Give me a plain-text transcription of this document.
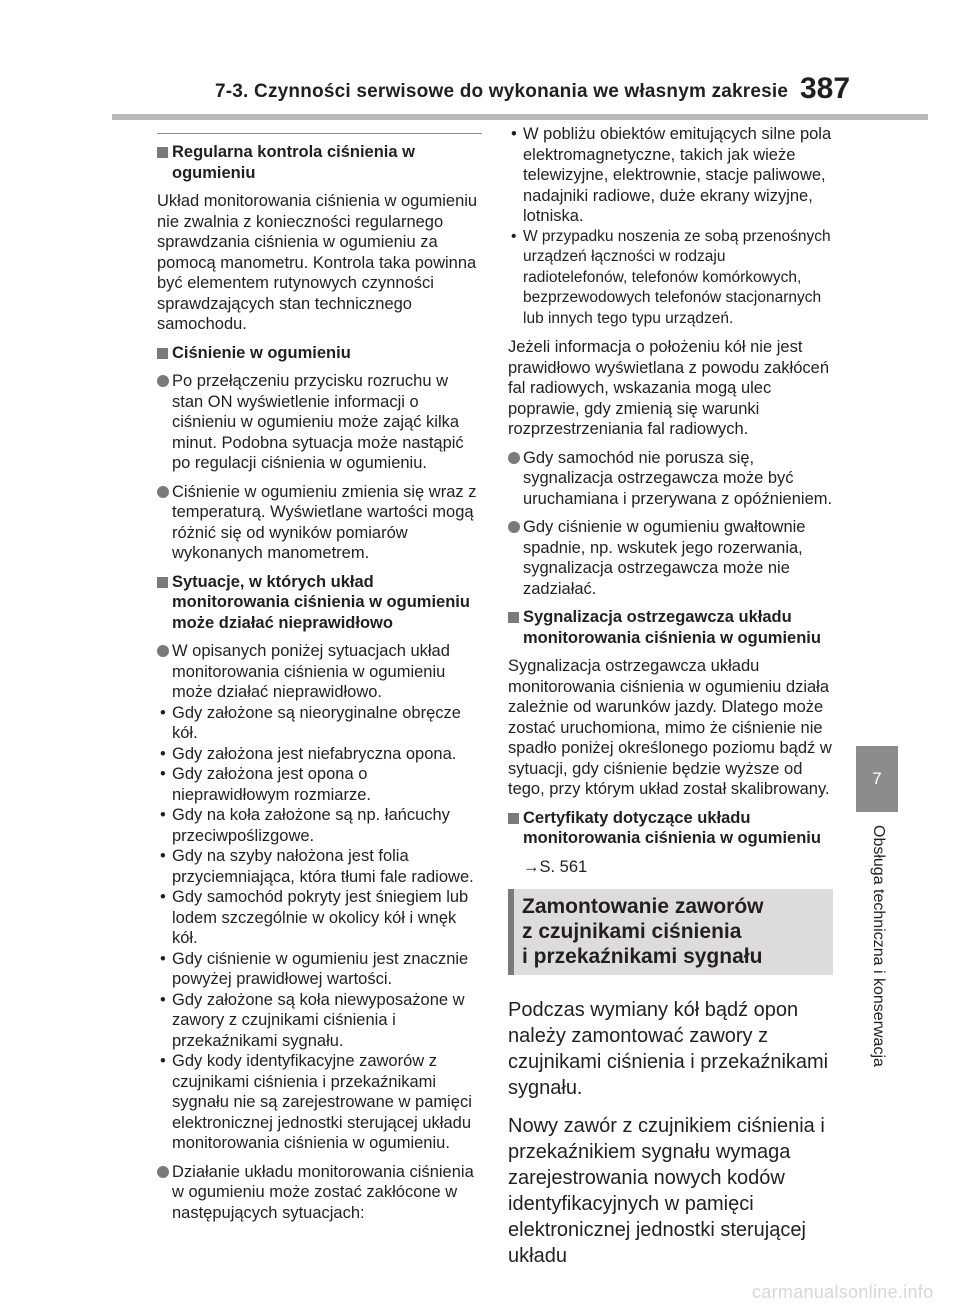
7-3. Czynności serwisowe do wykonania we własnym zakresie 387
7
Obsługa techniczna i konserwacja
Regularna kontrola ciśnienia w ogumieniu

Układ monitorowania ciśnienia w ogumieniu nie zwalnia z konieczności regularnego sprawdzania ciśnienia w ogumieniu za pomocą manometru. Kontrola taka powinna być elementem rutynowych czynności sprawdzających stan technicznego samochodu.

Ciśnienie w ogumieniu
Po przełączeniu przycisku rozruchu w stan ON wyświetlenie informacji o ciśnieniu w ogumieniu może zająć kilka minut. Podobna sytuacja może nastąpić po regulacji ciśnienia w ogumieniu.
Ciśnienie w ogumieniu zmienia się wraz z temperaturą. Wyświetlane wartości mogą różnić się od wyników pomiarów wykonanych manometrem.
Sytuacje, w których układ monitorowania ciśnienia w ogumieniu może działać nieprawidłowo
W opisanych poniżej sytuacjach układ monitorowania ciśnienia w ogumieniu może działać nieprawidłowo.
• Gdy założone są nieoryginalne obręcze kół.
• Gdy założona jest niefabryczna opona.
• Gdy założona jest opona o nieprawidłowym rozmiarze.
• Gdy na koła założone są np. łańcuchy przeciwpoślizgowe.
• Gdy na szyby nałożona jest folia przyciemniająca, która tłumi fale radiowe.
• Gdy samochód pokryty jest śniegiem lub lodem szczególnie w okolicy kół i wnęk kół.
• Gdy ciśnienie w ogumieniu jest znacznie powyżej prawidłowej wartości.
• Gdy założone są koła niewyposażone w zawory z czujnikami ciśnienia i przekaźnikami sygnału.
• Gdy kody identyfikacyjne zaworów z czujnikami ciśnienia i przekaźnikami sygnału nie są zarejestrowane w pamięci elektronicznej jednostki sterującej układu monitorowania ciśnienia w ogumieniu.
Działanie układu monitorowania ciśnienia w ogumieniu może zostać zakłócone w następujących sytuacjach:
• W pobliżu obiektów emitujących silne pola elektromagnetyczne, takich jak wieże telewizyjne, elektrownie, stacje paliwowe, nadajniki radiowe, duże ekrany wizyjne, lotniska.
• W przypadku noszenia ze sobą przenośnych urządzeń łączności w rodzaju radiotelefonów, telefonów komórkowych, bezprzewodowych telefonów stacjonarnych lub innych tego typu urządzeń.

Jeżeli informacja o położeniu kół nie jest prawidłowo wyświetlana z powodu zakłóceń fal radiowych, wskazania mogą ulec poprawie, gdy zmienią się warunki rozprzestrzeniania fal radiowych.

Gdy samochód nie porusza się, sygnalizacja ostrzegawcza może być uruchamiana i przerywana z opóźnieniem.
Gdy ciśnienie w ogumieniu gwałtownie spadnie, np. wskutek jego rozerwania, sygnalizacja ostrzegawcza może nie zadziałać.
Sygnalizacja ostrzegawcza układu monitorowania ciśnienia w ogumieniu

Sygnalizacja ostrzegawcza układu monitorowania ciśnienia w ogumieniu działa zależnie od warunków jazdy. Dlatego może zostać uruchomiona, mimo że ciśnienie nie spadło poniżej określonego poziomu bądź w sytuacji, gdy ciśnienie będzie wyższe od tego, przy którym układ został skalibrowany.

Certyfikaty dotyczące układu monitorowania ciśnienia w ogumieniu
→S. 561
Zamontowanie zaworów
z czujnikami ciśnienia
i przekaźnikami sygnału

Podczas wymiany kół bądź opon należy zamontować zawory z czujnikami ciśnienia i przekaźnikami sygnału.

Nowy zawór z czujnikiem ciśnienia i przekaźnikiem sygnału wymaga zarejestrowania nowych kodów identyfikacyjnych w pamięci elektronicznej jednostki sterującej układu

carmanualsonline.info
